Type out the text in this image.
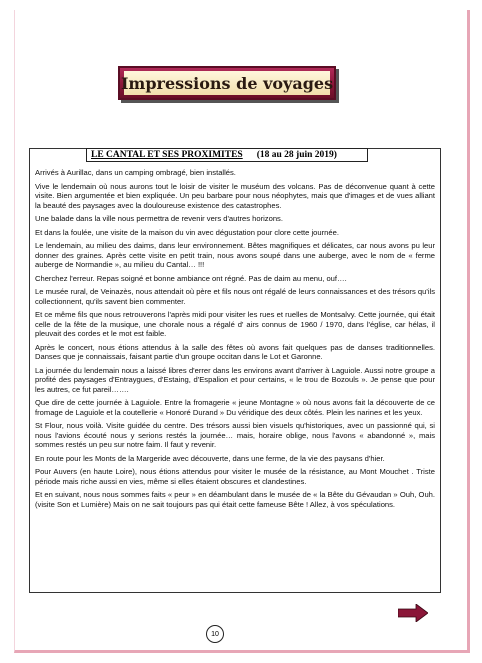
Impressions de voyages
LE CANTAL ET SES PROXIMITES (18 au 28 juin 2019)

Arrivés à Aurillac, dans un camping ombragé, bien installés.

Vive le lendemain où nous aurons tout le loisir de visiter le muséum des volcans. Pas de déconvenue quant à cette visite. Bien argumentée et bien expliquée. Un peu barbare pour nous néophytes, mais que d'images et de vues alliant la beauté des paysages avec la douloureuse existence des catastrophes.

Une balade dans la ville nous permettra de revenir vers d'autres horizons.

Et dans la foulée, une visite de la maison du vin avec dégustation pour clore cette journée.

Le lendemain, au milieu des daims, dans leur environnement. Bêtes magnifiques et délicates, car nous avons pu leur donner des graines. Après cette visite en petit train, nous avons soupé dans une auberge, avec le nom de « ferme auberge de Normandie », au milieu du Cantal… !!!

Cherchez l'erreur. Repas soigné et bonne ambiance ont régné. Pas de daim au menu, ouf….

Le musée rural, de Veinazès, nous attendait où père et fils nous ont régalé de leurs connaissances et des trésors qu'ils collectionnent, qu'ils savent bien commenter.

Et ce même fils que nous retrouverons l'après midi pour visiter les rues et ruelles de Montsalvy. Cette journée, qui était celle de la fête de la musique, une chorale nous a régalé d' airs connus de 1960 / 1970, dans l'église, car hélas, il pleuvait des cordes et le mot est faible.

Après le concert, nous étions attendus à la salle des fêtes où avons fait quelques pas de danses traditionnelles. Danses que je connaissais, faisant partie d'un groupe occitan dans le Lot et Garonne.

La journée du lendemain nous a laissé libres d'errer dans les environs avant d'arriver à Laguiole. Aussi notre groupe a profité des paysages d'Entraygues, d'Estaing, d'Espalion et pour certains, « le trou de Bozouls ». Je pense que pour les autres, ce fut pareil…….

Que dire de cette journée à Laguiole. Entre la fromagerie « jeune Montagne » où nous avons fait la découverte de ce fromage de Laguiole et la coutellerie « Honoré Durand » Du véridique des deux côtés. Plein les narines et les yeux.

St Flour, nous voilà. Visite guidée du centre. Des trésors aussi bien visuels qu'historiques, avec un passionné qui, si nous l'avions écouté nous y serions restés la journée… mais, horaire oblige, nous l'avons « abandonné », mais sommes restés un peu sur notre faim. Il faut y revenir.

En route pour les Monts de la Margeride avec découverte, dans une ferme, de la vie des paysans d'hier.

Pour Auvers (en haute Loire), nous étions attendus pour visiter le musée de la résistance, au Mont Mouchet . Triste période mais riche aussi en vies, même si elles étaient obscures et clandestines.

Et en suivant, nous nous sommes faits « peur » en déambulant dans le musée de « la Bête du Gévaudan » Ouh, Ouh. (visite Son et Lumière) Mais on ne sait toujours pas qui était cette fameuse Bête ! Allez, à vos spéculations.

10
